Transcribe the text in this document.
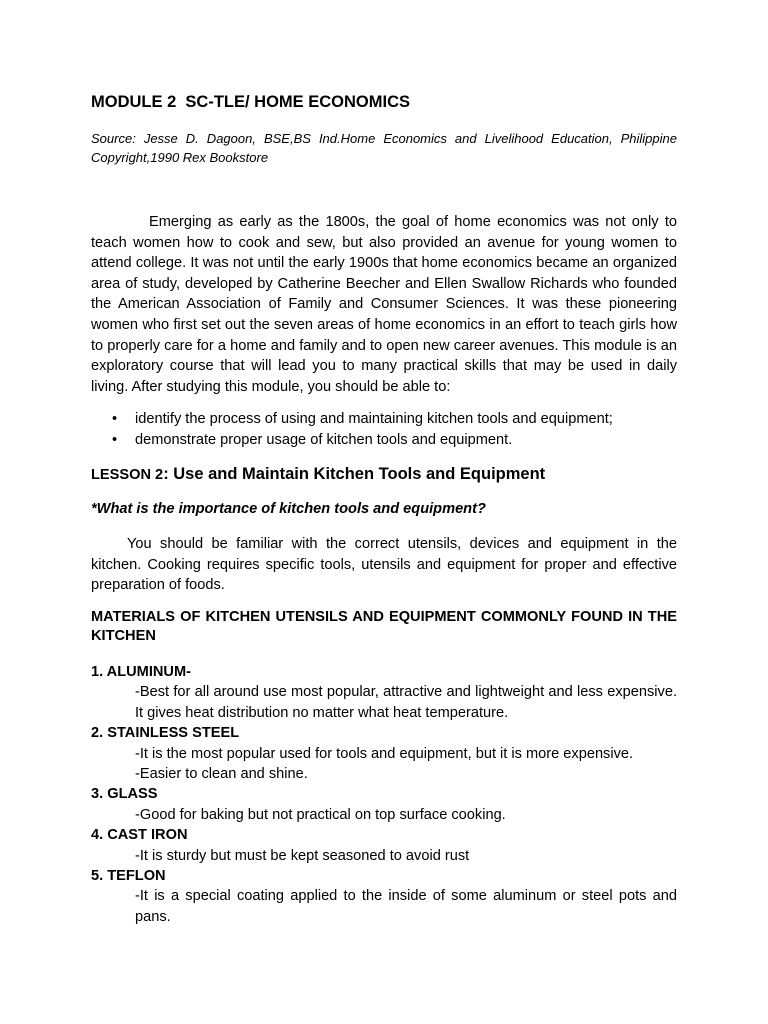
MODULE 2  SC-TLE/ HOME ECONOMICS
Source: Jesse D. Dagoon, BSE,BS Ind.Home Economics and Livelihood Education, Philippine Copyright,1990 Rex Bookstore

Emerging as early as the 1800s, the goal of home economics was not only to teach women how to cook and sew, but also provided an avenue for young women to attend college. It was not until the early 1900s that home economics became an organized area of study, developed by Catherine Beecher and Ellen Swallow Richards who founded the American Association of Family and Consumer Sciences. It was these pioneering women who first set out the seven areas of home economics in an effort to teach girls how to properly care for a home and family and to open new career avenues. This module is an exploratory course that will lead you to many practical skills that may be used in daily living. After studying this module, you should be able to:

• identify the process of using and maintaining kitchen tools and equipment;
• demonstrate proper usage of kitchen tools and equipment.
LESSON 2: Use and Maintain Kitchen Tools and Equipment
*What is the importance of kitchen tools and equipment?

You should be familiar with the correct utensils, devices and equipment in the kitchen. Cooking requires specific tools, utensils and equipment for proper and effective preparation of foods.

MATERIALS OF KITCHEN UTENSILS AND EQUIPMENT COMMONLY FOUND IN THE KITCHEN
1. ALUMINUM-
-Best for all around use most popular, attractive and lightweight and less expensive. It gives heat distribution no matter what heat temperature.
2. STAINLESS STEEL
-It is the most popular used for tools and equipment, but it is more expensive.
-Easier to clean and shine.
3. GLASS
-Good for baking but not practical on top surface cooking.
4. CAST IRON
-It is sturdy but must be kept seasoned to avoid rust
5. TEFLON
-It is a special coating applied to the inside of some aluminum or steel pots and pans.
